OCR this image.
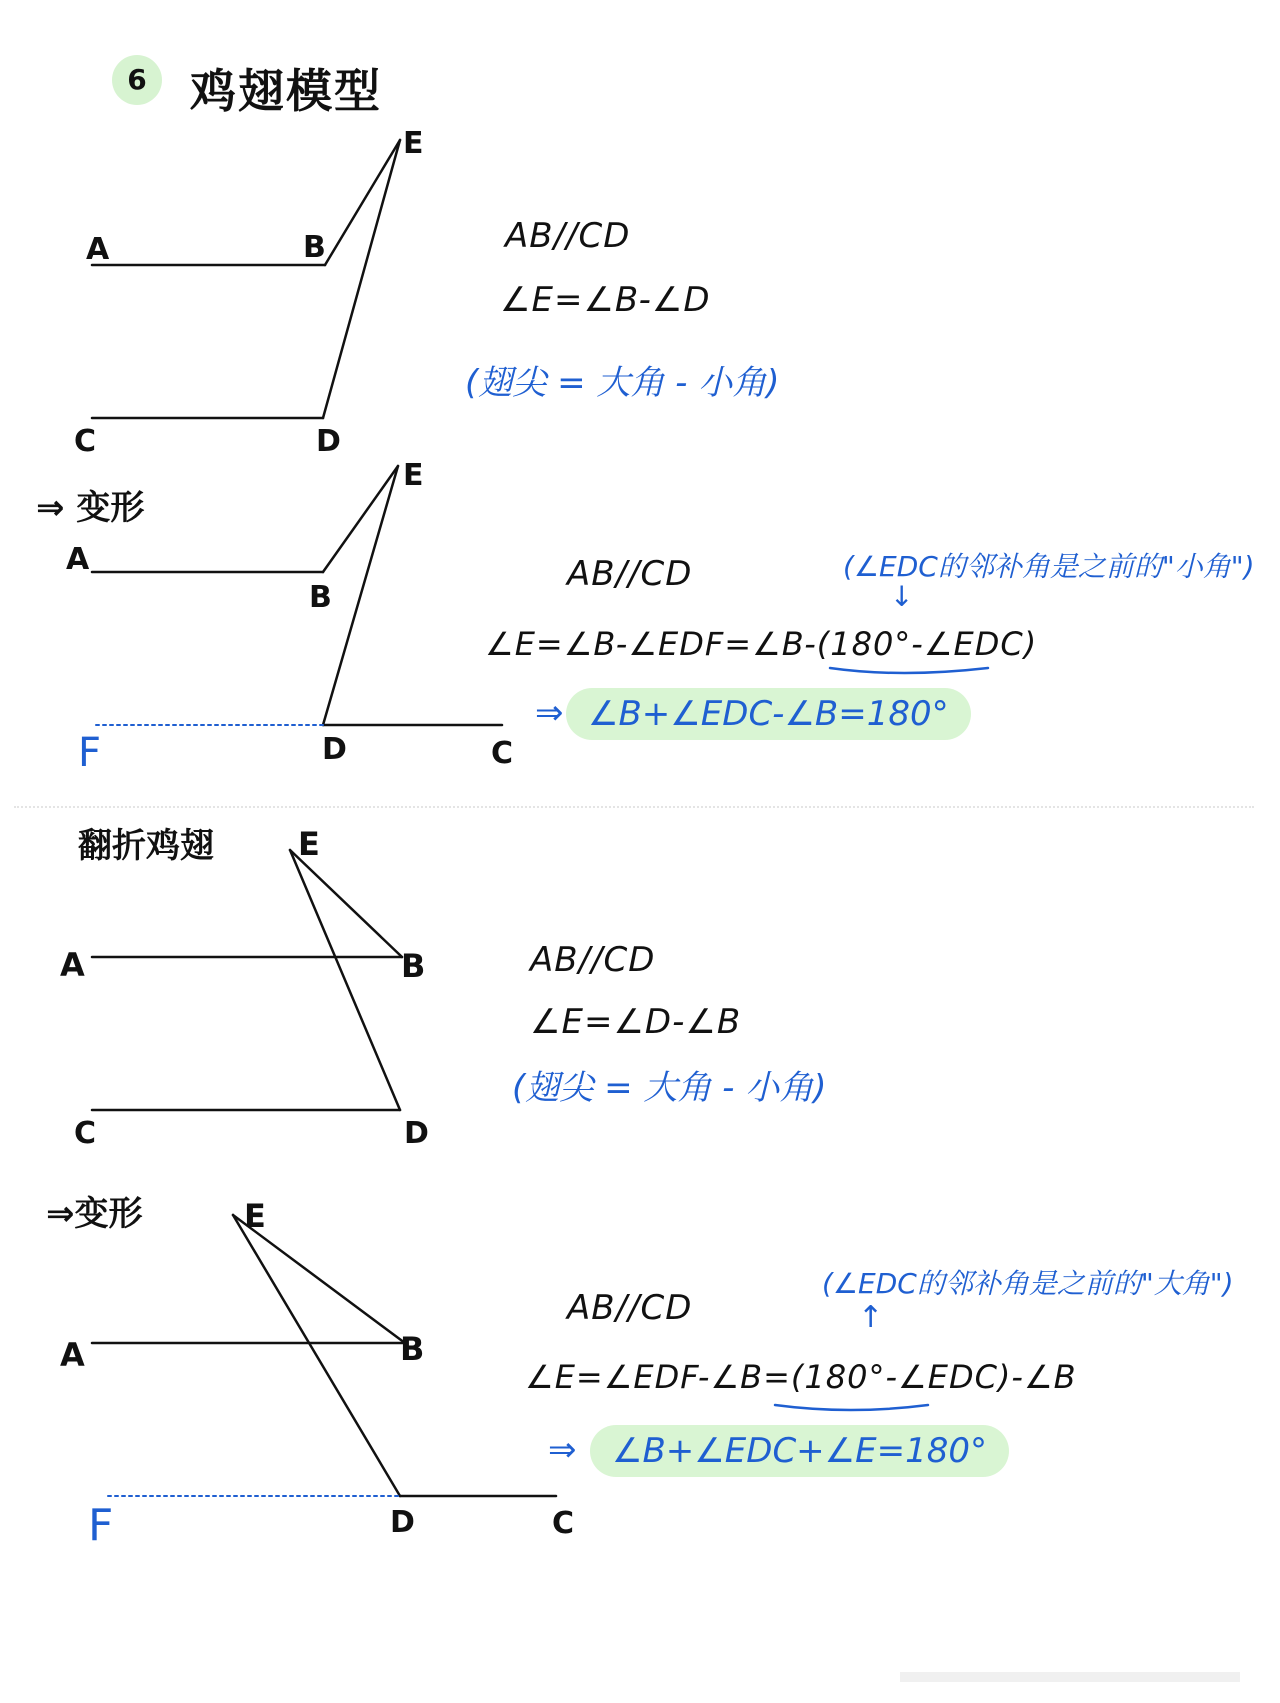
6 鸡翅模型
A	B
E
C	D
AB//CD
∠E=∠B-∠D
(翅尖 = 大角 - 小角)
⇒ 变形
A
B
E
F	D	C
AB//CD	(∠EDC的邻补角是之前的"小角")
↓
∠E=∠B-∠EDF=∠B-(180°-∠EDC)
⇒ ∠B+∠EDC-∠B=180°
翻折鸡翅
A	B
E
C	D
AB//CD
∠E=∠D-∠B
(翅尖 = 大角 - 小角)
⇒变形	E
A	B
F	D	C
AB//CD
(∠EDC的邻补角是之前的"大角")
↑
∠E=∠EDF-∠B=(180°-∠EDC)-∠B
⇒	∠B+∠EDC+∠E=180°
